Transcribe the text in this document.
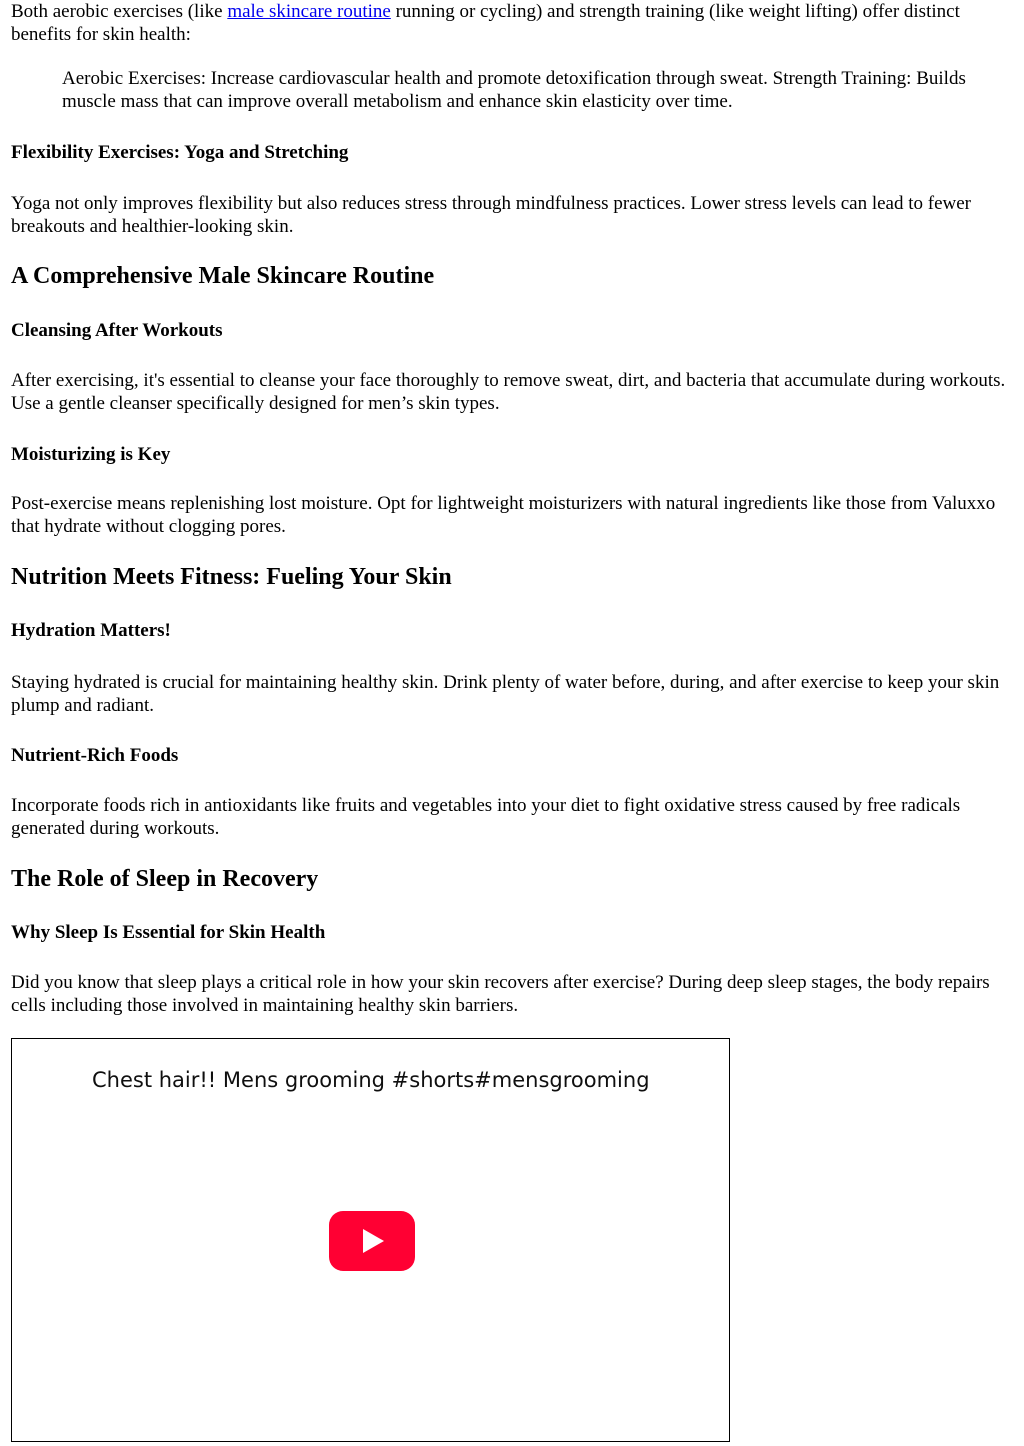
Both aerobic exercises (like male skincare routine running or cycling) and strength training (like weight lifting) offer distinct benefits for skin health:

Aerobic Exercises: Increase cardiovascular health and promote detoxification through sweat. Strength Training: Builds muscle mass that can improve overall metabolism and enhance skin elasticity over time.
Flexibility Exercises: Yoga and Stretching

Yoga not only improves flexibility but also reduces stress through mindfulness practices. Lower stress levels can lead to fewer breakouts and healthier-looking skin.

A Comprehensive Male Skincare Routine
Cleansing After Workouts

After exercising, it's essential to cleanse your face thoroughly to remove sweat, dirt, and bacteria that accumulate during workouts. Use a gentle cleanser specifically designed for men’s skin types.

Moisturizing is Key

Post-exercise means replenishing lost moisture. Opt for lightweight moisturizers with natural ingredients like those from Valuxxo that hydrate without clogging pores.

Nutrition Meets Fitness: Fueling Your Skin
Hydration Matters!

Staying hydrated is crucial for maintaining healthy skin. Drink plenty of water before, during, and after exercise to keep your skin plump and radiant.

Nutrient-Rich Foods

Incorporate foods rich in antioxidants like fruits and vegetables into your diet to fight oxidative stress caused by free radicals generated during workouts.

The Role of Sleep in Recovery
Why Sleep Is Essential for Skin Health

Did you know that sleep plays a critical role in how your skin recovers after exercise? During deep sleep stages, the body repairs cells including those involved in maintaining healthy skin barriers.

Chest hair!! Mens grooming #shorts#mensgrooming
